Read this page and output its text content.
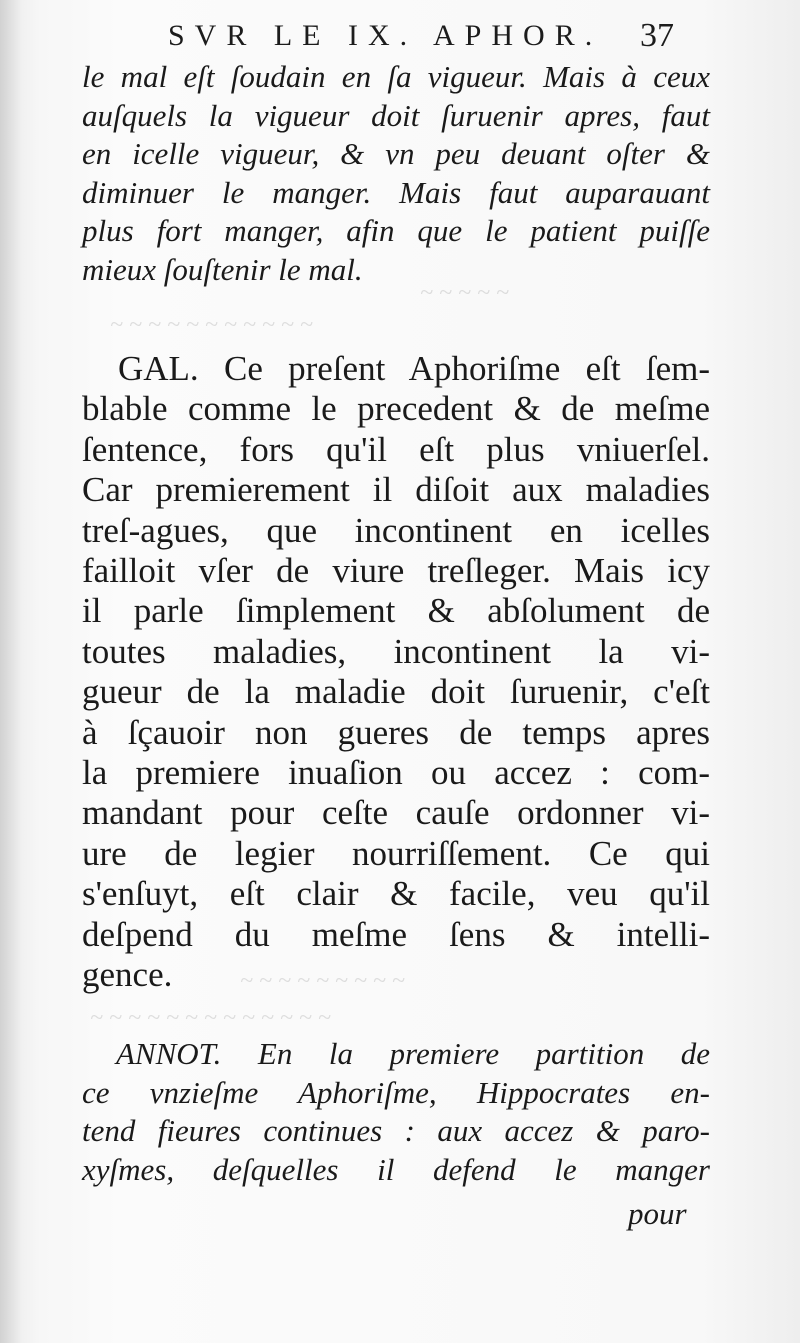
SVR LE IX. APHOR. 37
le mal eſt ſoudain en ſa vigueur. Mais à ceux
auſquels la vigueur doit ſuruenir apres, faut
en icelle vigueur, & vn peu deuant oſter &
diminuer le manger. Mais faut auparauant
plus fort manger, afin que le patient puiſſe
mieux ſouſtenir le mal.
GAL. Ce preſent Aphoriſme eſt ſem-
blable comme le precedent & de meſme
ſentence, fors qu'il eſt plus vniuerſel.
Car premierement il diſoit aux maladies
treſ-agues, que incontinent en icelles
failloit vſer de viure treſleger. Mais icy
il parle ſimplement & abſolument de
toutes maladies, incontinent la vi-
gueur de la maladie doit ſuruenir, c'eſt
à ſçauoir non gueres de temps apres
la premiere inuaſion ou accez : com-
mandant pour ceſte cauſe ordonner vi-
ure de legier nourriſſement. Ce qui
s'enſuyt, eſt clair & facile, veu qu'il
deſpend du meſme ſens & intelli-
gence.
ANNOT. En la premiere partition de
ce vnzieſme Aphoriſme, Hippocrates en-
tend fieures continues : aux accez & paro-
xyſmes, deſquelles il defend le manger
pour
~ ~ ~ ~ ~
~ ~ ~ ~ ~ ~ ~ ~ ~ ~ ~
~ ~ ~ ~ ~ ~ ~ ~ ~
~ ~ ~ ~ ~ ~ ~ ~ ~ ~ ~ ~ ~
